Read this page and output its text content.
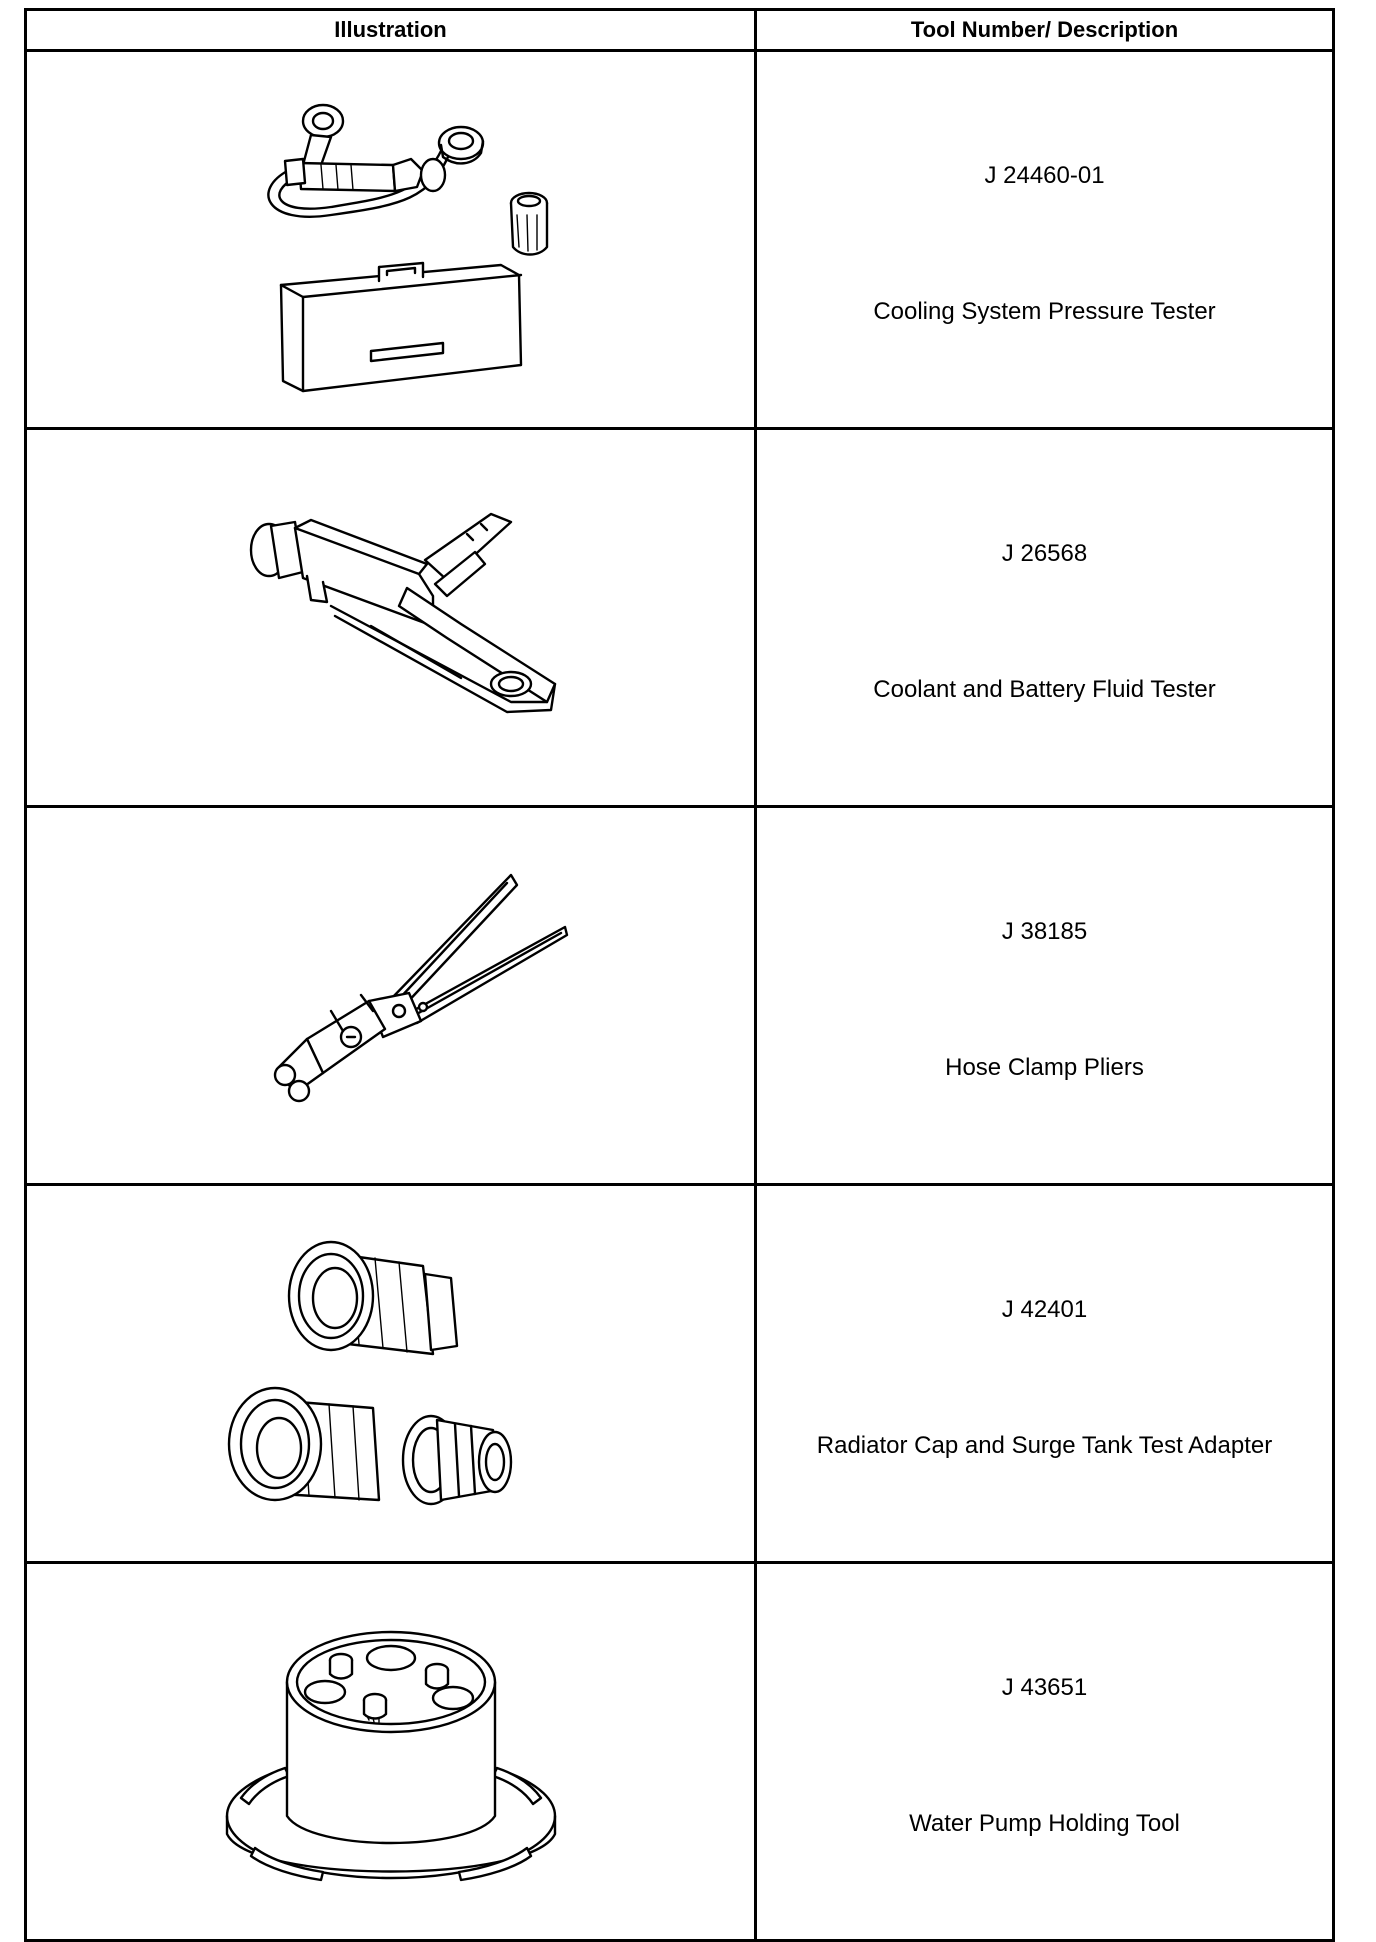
Illustration	Tool Number/ Description

J 24460-01
Cooling System Pressure Tester

J 26568
Coolant and Battery Fluid Tester

J 38185
Hose Clamp Pliers

J 42401
Radiator Cap and Surge Tank Test Adapter

J 43651
Water Pump Holding Tool
